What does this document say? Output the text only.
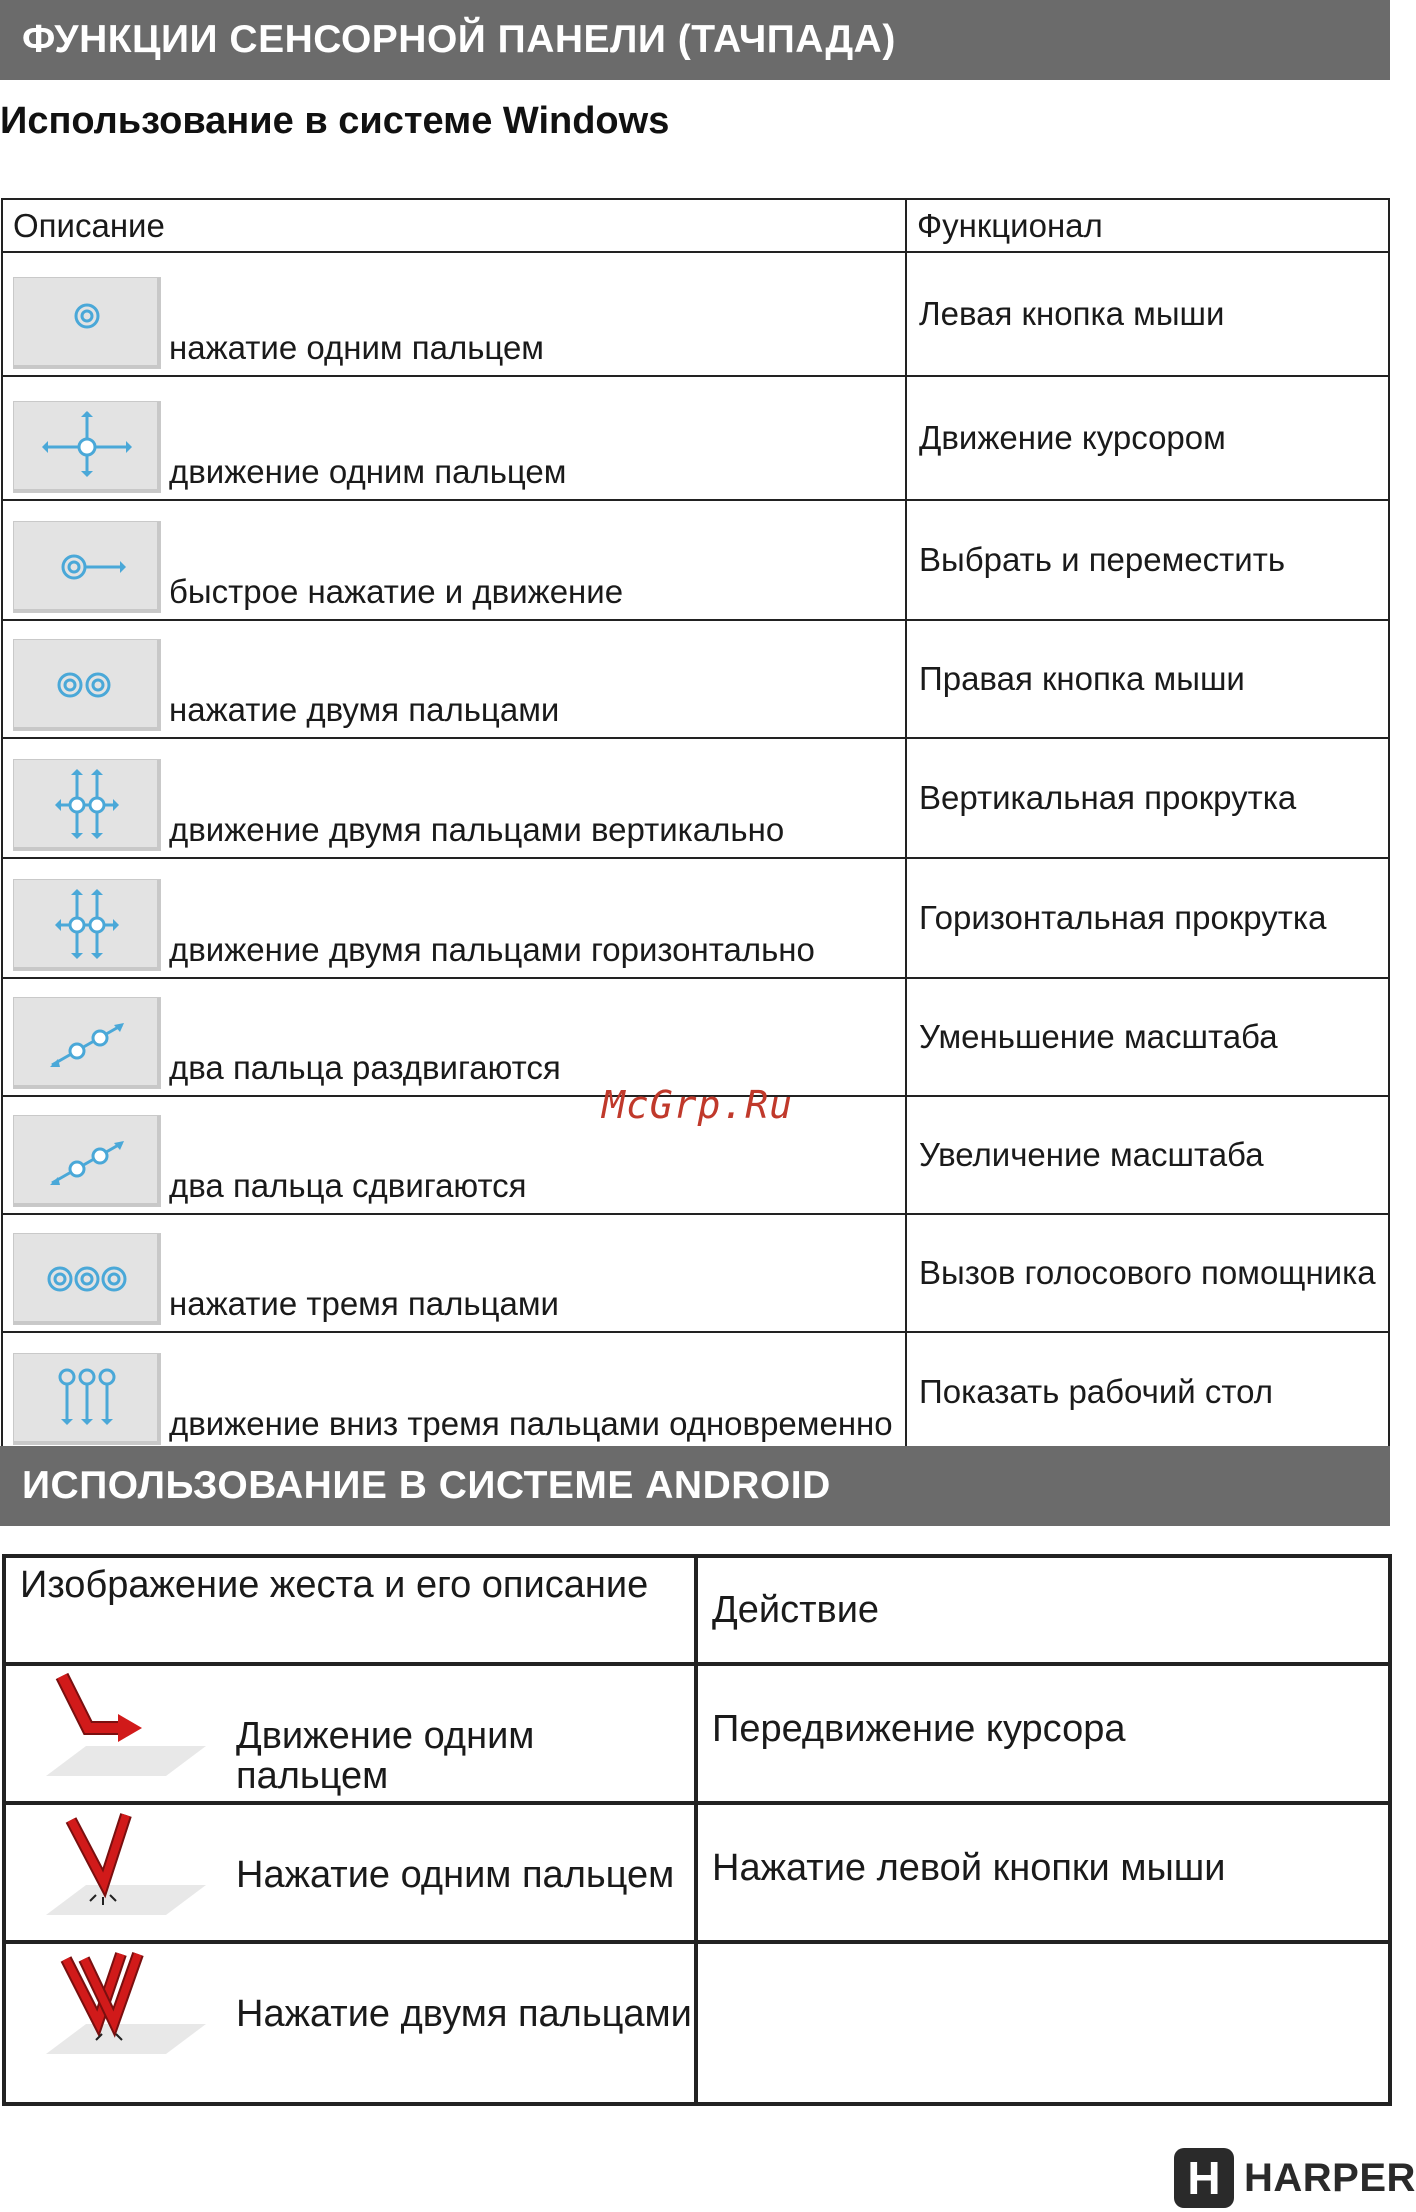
ФУНКЦИИ СЕНСОРНОЙ ПАНЕЛИ (ТАЧПАДА)
Использование в системе Windows
Описание	Функционал

нажатие одним пальцем	Левая кнопка мыши

движение одним пальцем	Движение курсором

быстрое нажатие и движение	Выбрать и переместить

нажатие двумя пальцами	Правая кнопка мыши

движение двумя пальцами вертикально	Вертикальная прокрутка

движение двумя пальцами горизонтально	Горизонтальная прокрутка

два пальца раздвигаются	Уменьшение масштаба

два пальца сдвигаются	Увеличение масштаба

нажатие тремя пальцами	Вызов голосового помощника

движение вниз тремя пальцами одновременно	Показать рабочий стол
McGrp.Ru
ИСПОЛЬЗОВАНИЕ В СИСТЕМЕ ANDROID
Изображение жеста и его описание	Действие

Движение одним пальцем	Передвижение курсора

Нажатие одним пальцем	Нажатие левой кнопки мыши

Нажатие двумя пальцами	

H HARPER
